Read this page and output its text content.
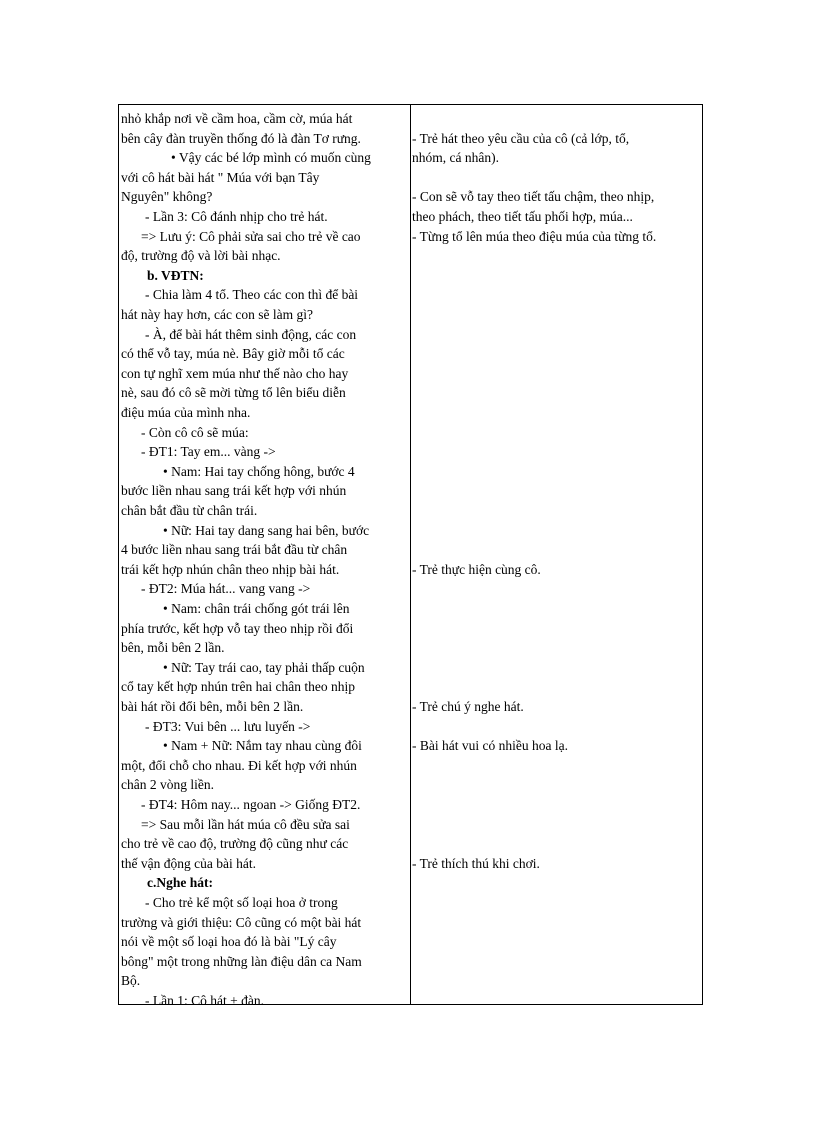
nhỏ khắp nơi về cầm hoa, cầm cờ, múa hát
bên cây đàn truyền thống đó là đàn Tơ rưng.
• Vậy các bé lớp mình có muốn cùng
với cô hát bài hát " Múa với bạn Tây
Nguyên" không?
- Lần 3: Cô đánh nhịp cho trẻ hát.
=> Lưu ý: Cô phải sửa sai cho trẻ về cao
độ, trường độ và lời bài nhạc.
b. VĐTN:
- Chia làm 4 tổ. Theo các con thì để bài
hát này hay hơn, các con sẽ làm gì?
- À, để bài hát thêm sinh động, các con
có thể vỗ tay, múa nè. Bây giờ mỗi tổ các
con tự nghĩ xem múa như thế nào cho hay
nè, sau đó cô sẽ mời từng tổ lên biểu diễn
điệu múa của mình nha.
- Còn cô cô sẽ múa:
- ĐT1: Tay em... vàng ->
• Nam: Hai tay chống hông, bước 4
bước liền nhau sang trái kết hợp với nhún
chân bắt đầu từ chân trái.
• Nữ: Hai tay dang sang hai bên, bước
4 bước liền nhau sang trái bắt đầu từ chân
trái kết hợp nhún chân theo nhịp bài hát.
- ĐT2: Múa hát... vang vang ->
• Nam: chân trái chống gót trái lên
phía trước, kết hợp vỗ tay theo nhịp rồi đổi
bên, mỗi bên 2 lần.
• Nữ: Tay trái cao, tay phải thấp cuộn
cổ tay kết hợp nhún trên hai chân theo nhịp
bài hát rồi đổi bên, mỗi bên 2 lần.
- ĐT3: Vui bên ... lưu luyến ->
• Nam + Nữ: Nắm tay nhau cùng đôi
một, đổi chỗ cho nhau. Đi kết hợp với nhún
chân 2 vòng liền.
- ĐT4: Hôm nay... ngoan -> Giống ĐT2.
=> Sau mỗi lần hát múa cô đều sửa sai
cho trẻ về cao độ, trường độ cũng như các
thế vận động của bài hát.
c.Nghe hát:
- Cho trẻ kể một số loại hoa ở trong
trường và giới thiệu: Cô cũng có một bài hát
nói về một số loại hoa đó là bài "Lý cây
bông" một trong những làn điệu dân ca Nam
Bộ.
- Lần 1: Cô hát + đàn.
- Trẻ hát theo yêu cầu của cô (cả lớp, tổ,
nhóm, cá nhân).
- Con sẽ vỗ tay theo tiết tấu chậm, theo nhịp,
theo phách, theo tiết tấu phối hợp, múa...
- Từng tổ lên múa theo điệu múa của từng tổ.
- Trẻ thực hiện cùng cô.
- Trẻ chú ý nghe hát.
- Bài hát vui có nhiều hoa lạ.
- Trẻ thích thú khi chơi.
